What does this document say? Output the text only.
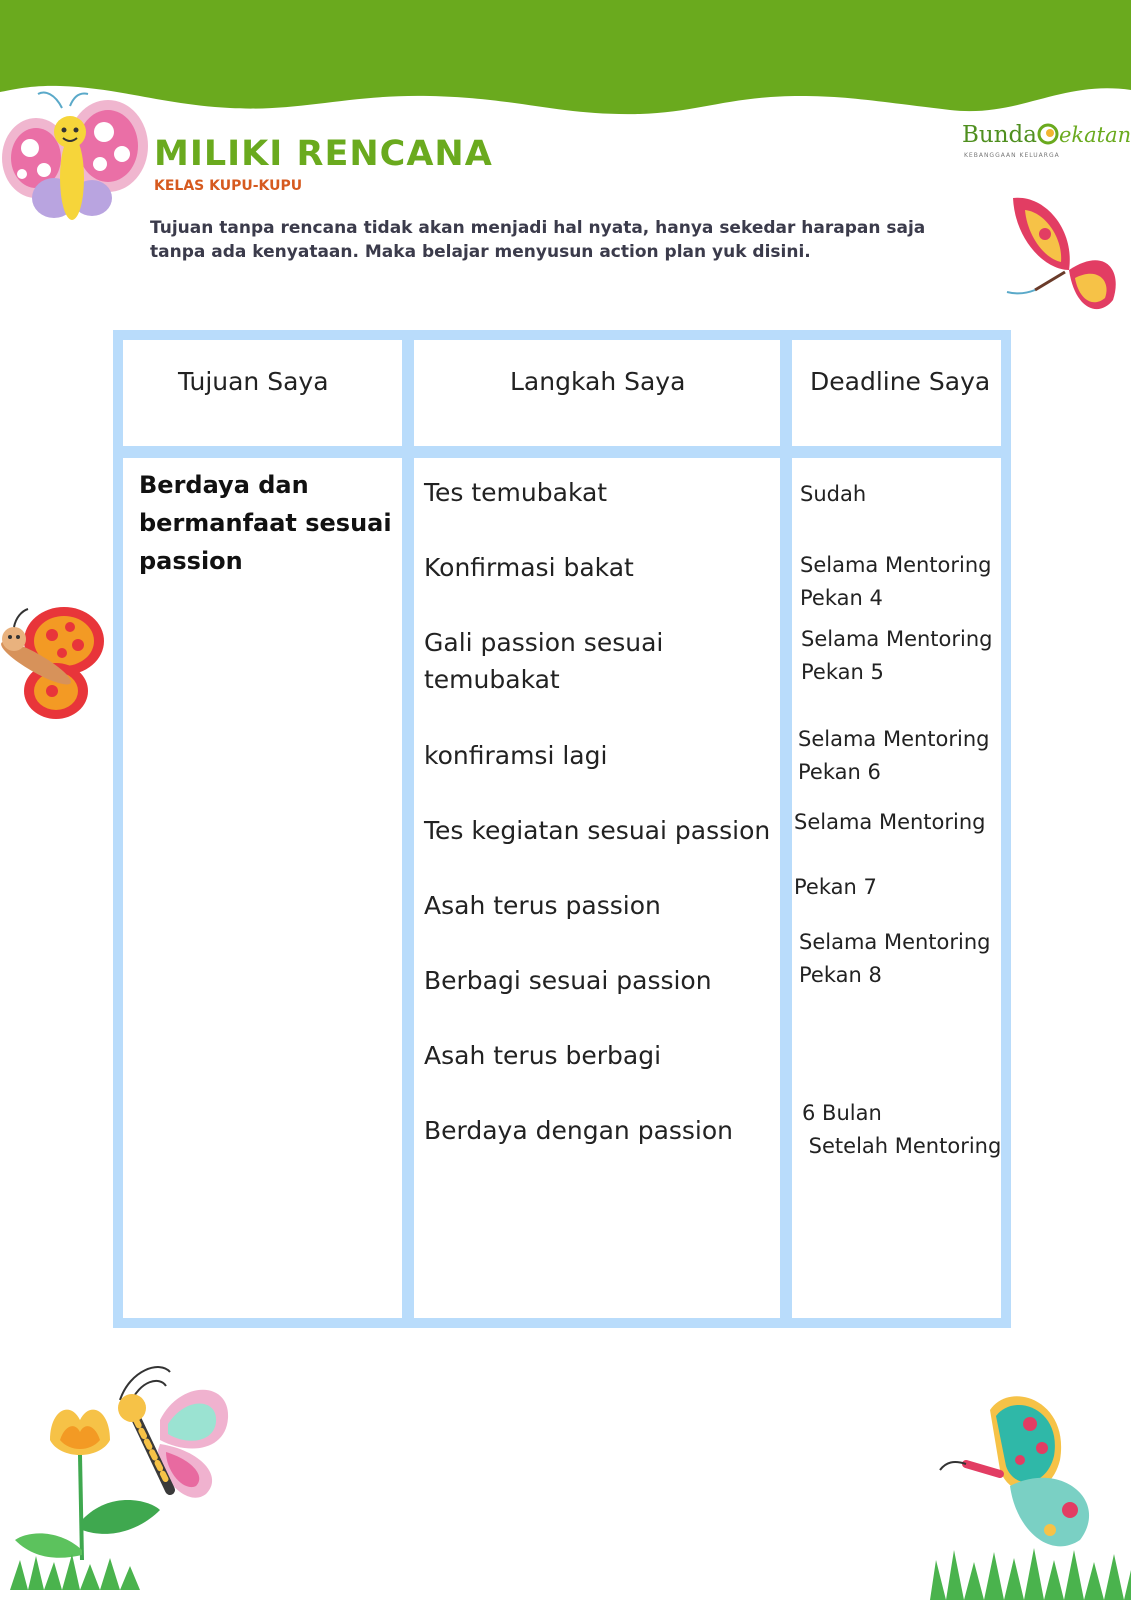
MILIKI RENCANA
KELAS KUPU-KUPU
Tujuan tanpa rencana tidak akan menjadi hal nyata, hanya sekedar harapan saja tanpa ada kenyataan. Maka belajar menyusun action plan yuk disini.
Bunda ekatan
KEBANGGAAN KELUARGA
Tujuan Saya	Langkah Saya	Deadline Saya
Berdaya dan bermanfaat sesuai passion
Tes temubakat
Konfirmasi bakat
Gali passion sesuai temubakat
konfiramsi lagi
Tes kegiatan sesuai passion
Asah terus passion
Berbagi sesuai passion
Asah terus berbagi
Berdaya dengan passion
Sudah
Selama Mentoring
Pekan 4
Selama Mentoring
Pekan 5
Selama Mentoring
Pekan 6
Selama Mentoring
Pekan 7
Selama Mentoring
Pekan 8
6 Bulan
Setelah Mentoring
